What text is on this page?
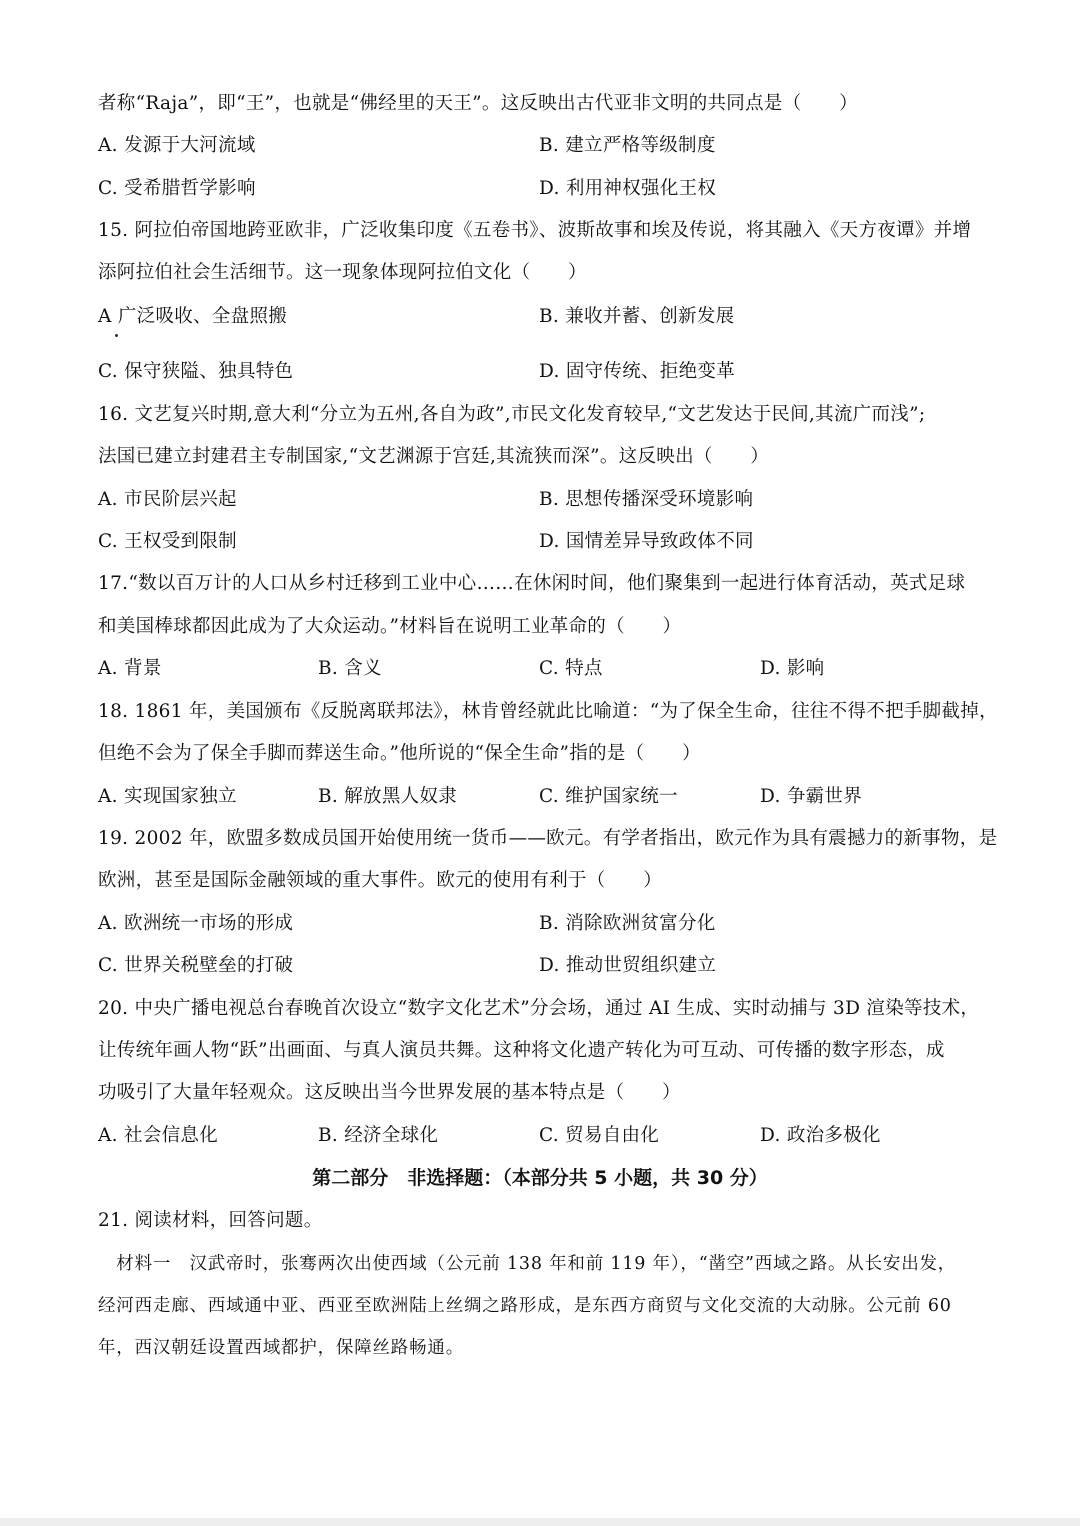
者称“Raja”，即“王”，也就是“佛经里的天王”。这反映出古代亚非文明的共同点是（　　）
A. 发源于大河流域	B. 建立严格等级制度
C. 受希腊哲学影响	D. 利用神权强化王权
15. 阿拉伯帝国地跨亚欧非，广泛收集印度《五卷书》、波斯故事和埃及传说，将其融入《天方夜谭》并增
添阿拉伯社会生活细节。这一现象体现阿拉伯文化（　　）
A 广泛吸收、全盘照搬	B. 兼收并蓄、创新发展
C. 保守狭隘、独具特色	D. 固守传统、拒绝变革
16. 文艺复兴时期,意大利“分立为五州,各自为政”,市民文化发育较早,“文艺发达于民间,其流广而浅”;
法国已建立封建君主专制国家,“文艺渊源于宫廷,其流狭而深”。这反映出（　　）
A. 市民阶层兴起	B. 思想传播深受环境影响
C. 王权受到限制	D. 国情差异导致政体不同
17.“数以百万计的人口从乡村迁移到工业中心……在休闲时间，他们聚集到一起进行体育活动，英式足球
和美国棒球都因此成为了大众运动。”材料旨在说明工业革命的（　　）
A. 背景	B. 含义	C. 特点	D. 影响
18. 1861 年，美国颁布《反脱离联邦法》，林肯曾经就此比喻道：“为了保全生命，往往不得不把手脚截掉，
但绝不会为了保全手脚而葬送生命。”他所说的“保全生命”指的是（　　）
A. 实现国家独立	B. 解放黑人奴隶	C. 维护国家统一	D. 争霸世界
19. 2002 年，欧盟多数成员国开始使用统一货币——欧元。有学者指出，欧元作为具有震撼力的新事物，是
欧洲，甚至是国际金融领域的重大事件。欧元的使用有利于（　　）
A. 欧洲统一市场的形成	B. 消除欧洲贫富分化
C. 世界关税壁垒的打破	D. 推动世贸组织建立
20. 中央广播电视总台春晚首次设立“数字文化艺术”分会场，通过 AI 生成、实时动捕与 3D 渲染等技术，
让传统年画人物“跃”出画面、与真人演员共舞。这种将文化遗产转化为可互动、可传播的数字形态，成
功吸引了大量年轻观众。这反映出当今世界发展的基本特点是（　　）
A. 社会信息化	B. 经济全球化	C. 贸易自由化	D. 政治多极化
第二部分　非选择题：（本部分共 5 小题，共 30 分）
21. 阅读材料，回答问题。
　材料一　汉武帝时，张骞两次出使西域（公元前 138 年和前 119 年），“凿空”西域之路。从长安出发，
经河西走廊、西域通中亚、西亚至欧洲陆上丝绸之路形成，是东西方商贸与文化交流的大动脉。公元前 60
年，西汉朝廷设置西域都护，保障丝路畅通。
